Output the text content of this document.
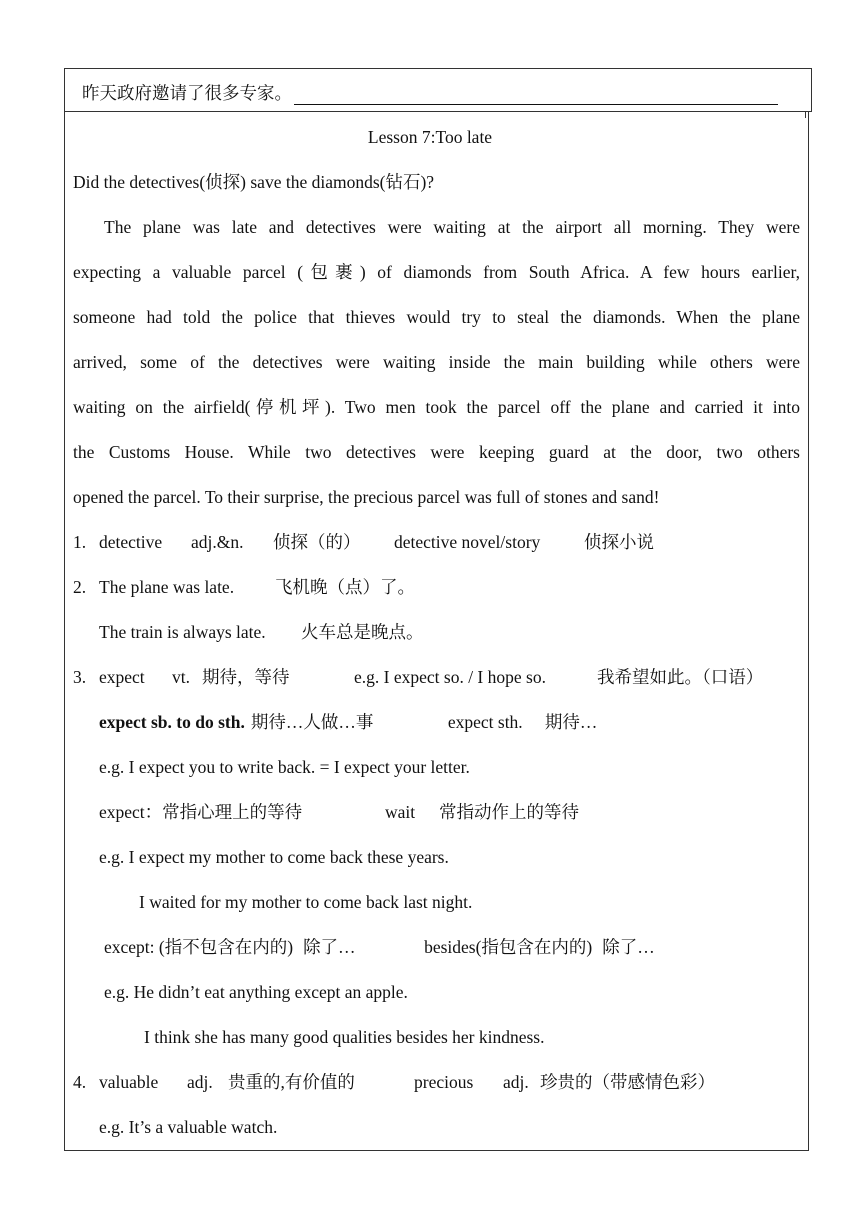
昨天政府邀请了很多专家。
Lesson 7:Too late
Did the detectives(侦探) save the diamonds(钻石)?
The plane was late and detectives were waiting at the airport all morning. They were
expecting a valuable parcel (包裹) of diamonds from South Africa. A few hours earlier,
someone had told the police that thieves would try to steal the diamonds. When the plane
arrived, some of the detectives were waiting inside the main building while others were
waiting on the airfield(停机坪). Two men took the parcel off the plane and carried it into
the Customs House. While two detectives were keeping guard at the door, two others
opened the parcel. To their surprise, the precious parcel was full of stones and sand!
1. detective adj.&n. 侦探（的） detective novel/story 侦探小说
2. The plane was late. 飞机晚（点）了。
The train is always late. 火车总是晚点。
3. expect vt. 期待，等待	e.g. I expect so. / I hope so.	我希望如此。（口语）
expect sb. to do sth. 期待…人做…事	expect sth. 期待…
e.g. I expect you to write back. = I expect your letter.
expect：常指心理上的等待	wait 常指动作上的等待
e.g. I expect my mother to come back these years.
I waited for my mother to come back last night.
except: (指不包含在内的) 除了…	besides(指包含在内的) 除了…
e.g. He didn’t eat anything except an apple.
I think she has many good qualities besides her kindness.
4. valuable adj. 贵重的,有价值的	precious adj. 珍贵的（带感情色彩）
e.g. It’s a valuable watch.
